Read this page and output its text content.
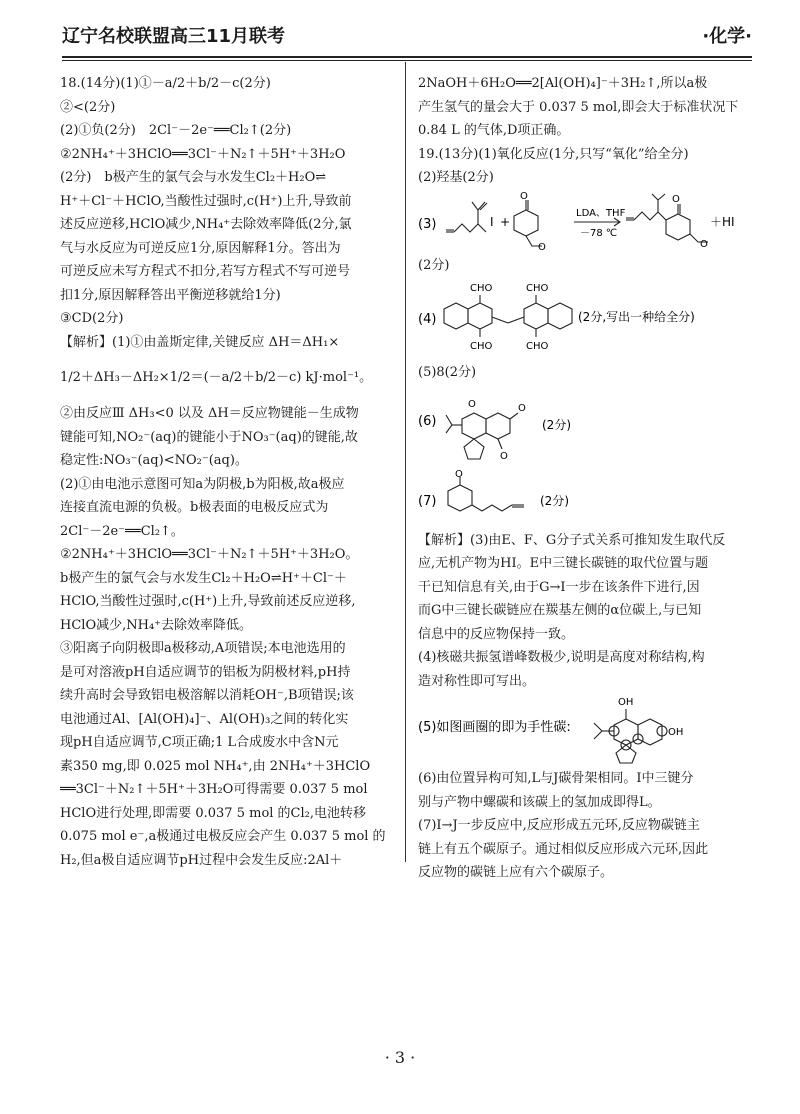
辽宁名校联盟高三11月联考	·化学·
18.(14分)(1)①－a/2＋b/2－c(2分)
②<(2分)
(2)①负(2分)　2Cl⁻－2e⁻══Cl₂↑(2分)
②2NH₄⁺＋3HClO══3Cl⁻＋N₂↑＋5H⁺＋3H₂O
(2分)　b极产生的氯气会与水发生Cl₂＋H₂O⇌
H⁺＋Cl⁻＋HClO,当酸性过强时,c(H⁺)上升,导致前
述反应逆移,HClO减少,NH₄⁺去除效率降低(2分,氯
气与水反应为可逆反应1分,原因解释1分。答出为
可逆反应未写方程式不扣分,若写方程式不写可逆号
扣1分,原因解释答出平衡逆移就给1分)
③CD(2分)
【解析】(1)①由盖斯定律,关键反应 ΔH＝ΔH₁×
1/2＋ΔH₃－ΔH₂×1/2＝(－a/2＋b/2－c) kJ·mol⁻¹。
②由反应Ⅲ ΔH₃<0 以及 ΔH＝反应物键能－生成物
键能可知,NO₂⁻(aq)的键能小于NO₃⁻(aq)的键能,故
稳定性:NO₃⁻(aq)<NO₂⁻(aq)。
(2)①由电池示意图可知a为阴极,b为阳极,故a极应
连接直流电源的负极。b极表面的电极反应式为
2Cl⁻－2e⁻══Cl₂↑。
②2NH₄⁺＋3HClO══3Cl⁻＋N₂↑＋5H⁺＋3H₂O。
b极产生的氯气会与水发生Cl₂＋H₂O⇌H⁺＋Cl⁻＋
HClO,当酸性过强时,c(H⁺)上升,导致前述反应逆移,
HClO减少,NH₄⁺去除效率降低。
③阳离子向阴极即a极移动,A项错误;本电池选用的
是可对溶液pH自适应调节的铝板为阴极材料,pH持
续升高时会导致铝电极溶解以消耗OH⁻,B项错误;该
电池通过Al、[Al(OH)₄]⁻、Al(OH)₃之间的转化实
现pH自适应调节,C项正确;1 L合成废水中含N元
素350 mg,即 0.025 mol NH₄⁺,由 2NH₄⁺＋3HClO
══3Cl⁻＋N₂↑＋5H⁺＋3H₂O可得需要 0.037 5 mol
HClO进行处理,即需要 0.037 5 mol 的Cl₂,电池转移
0.075 mol e⁻,a极通过电极反应会产生 0.037 5 mol 的
H₂,但a极自适应调节pH过程中会发生反应:2Al＋
2NaOH＋6H₂O══2[Al(OH)₄]⁻＋3H₂↑,所以a极
产生氢气的量会大于 0.037 5 mol,即会大于标准状况下
0.84 L 的气体,D项正确。
19.(13分)(1)氧化反应(1分,只写“氧化”给全分)
(2)羟基(2分)
(3)	I +
O
O
LDA、THF
－78 ℃
O
O
＋HI
(2分)
(4)
CHO
CHO
CHO
CHO
(2分,写出一种给全分)
(5)8(2分)
(6)
O	O
O
(2分)
(7)
O
(2分)
【解析】(3)由E、F、G分子式关系可推知发生取代反
应,无机产物为HI。E中三键长碳链的取代位置与题
干已知信息有关,由于G→I一步在该条件下进行,因
而G中三键长碳链应在羰基左侧的α位碳上,与已知
信息中的反应物保持一致。
(4)核磁共振氢谱峰数极少,说明是高度对称结构,构
造对称性即可写出。
(5)如图画圈的即为手性碳:
OH
OH
(6)由位置异构可知,L与J碳骨架相同。I中三键分
别与产物中螺碳和该碳上的氢加成即得L。
(7)I→J一步反应中,反应形成五元环,反应物碳链主
链上有五个碳原子。通过相似反应形成六元环,因此
反应物的碳链上应有六个碳原子。
· 3 ·
